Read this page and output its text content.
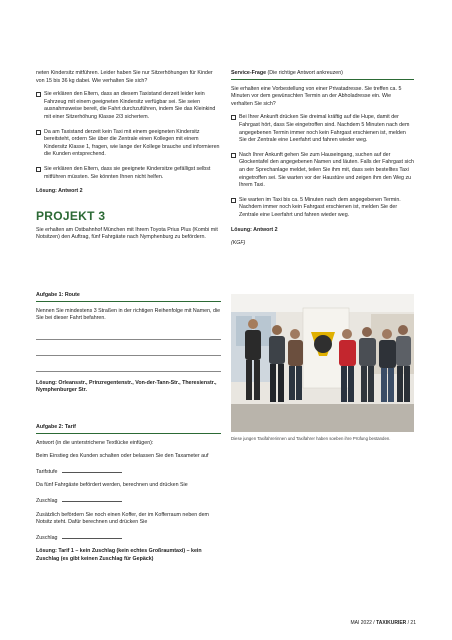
neten Kindersitz mitführen. Leider haben Sie nur Sitzerhöhungen für Kinder von 15 bis 36 kg dabei. Wie verhalten Sie sich?

Sie erklären den Eltern, dass an diesem Taxistand derzeit leider kein Fahrzeug mit einem geeigneten Kindersitz verfügbar sei. Sie seien ausnahmsweise bereit, die Fahrt durchzuführen, indem Sie das Kleinkind mit einer Sitzerhöhung Klasse 2/3 sichertem.
Da am Taxistand derzeit kein Taxi mit einem geeigneten Kindersitz bereitsteht, ordern Sie über die Zentrale einen Kollegen mit einem Kindersitz Klasse 1, fragen, wie lange der Kollege brauche und informieren die Kunden entsprechend.
Sie erklären den Eltern, dass sie geeignete Kindersitze gefälligst selbst mitführen müssten. Sie könnten Ihnen nicht helfen.

Lösung: Antwort 2

PROJEKT 3

Sie erhalten am Ostbahnhof München mit Ihrem Toyota Prius Plus (Kombi mit Notsitzen) den Auftrag, fünf Fahrgäste nach Nymphenburg zu befördern.

Service-Frage (Die richtige Antwort ankreuzen)

Sie erhalten eine Vorbestellung von einer Privatadresse. Sie treffen ca. 5 Minuten vor dem gewünschten Termin an der Abholadresse ein. Wie verhalten Sie sich?

Bei Ihrer Ankunft drücken Sie dreimal kräftig auf die Hupe, damit der Fahrgast hört, dass Sie eingetroffen sind. Nachdem 5 Minuten nach dem angegebenen Termin immer noch kein Fahrgast erschienen ist, melden Sie der Zentrale eine Leerfahrt und fahren wieder weg.
Nach Ihrer Ankunft gehen Sie zum Hauseingang, suchen auf der Glockentafel den angegebenen Namen und läuten. Falls der Fahrgast sich an der Sprechanlage meldet, teilen Sie ihm mit, dass sein bestelltes Taxi eingetroffen sei. Sie warten vor der Haustüre und zeigen ihm den Weg zu Ihrem Taxi.
Sie warten im Taxi bis ca. 5 Minuten nach dem angegebenen Termin. Nachdem immer noch kein Fahrgast erschienen ist, melden Sie der Zentrale eine Leerfahrt und fahren wieder weg.

Lösung: Antwort 2

(KGF)

Aufgabe 1: Route

Nennen Sie mindestens 3 Straßen in der richtigen Reihenfolge mit Namen, die Sie bei dieser Fahrt befahren.

Lösung: Orleansstr., Prinzregentenstr., Von-der-Tann-Str., Theresienstr., Nymphenburger Str.

Aufgabe 2: Tarif

Antwort (in die unterstrichene Textlücke einfügen):

Beim Einstieg des Kunden schalten oder belassen Sie den Taxameter auf

Tarifstufe

Da fünf Fahrgäste befördert werden, berechnen und drücken Sie

Zuschlag

Zusätzlich befördern Sie noch einen Koffer, der im Kofferraum neben dem Notsitz steht. Dafür berechnen und drücken Sie

Zuschlag

Lösung: Tarif 1 – kein Zuschlag (kein echtes Großraumtaxi) – kein Zuschlag (es gibt keinen Zuschlag für Gepäck)

Diese jungen Taxifahrerinnen und Taxifahrer haben soeben ihre Prüfung bestanden.
MAI 2022 / TAXIKURIER / 21
